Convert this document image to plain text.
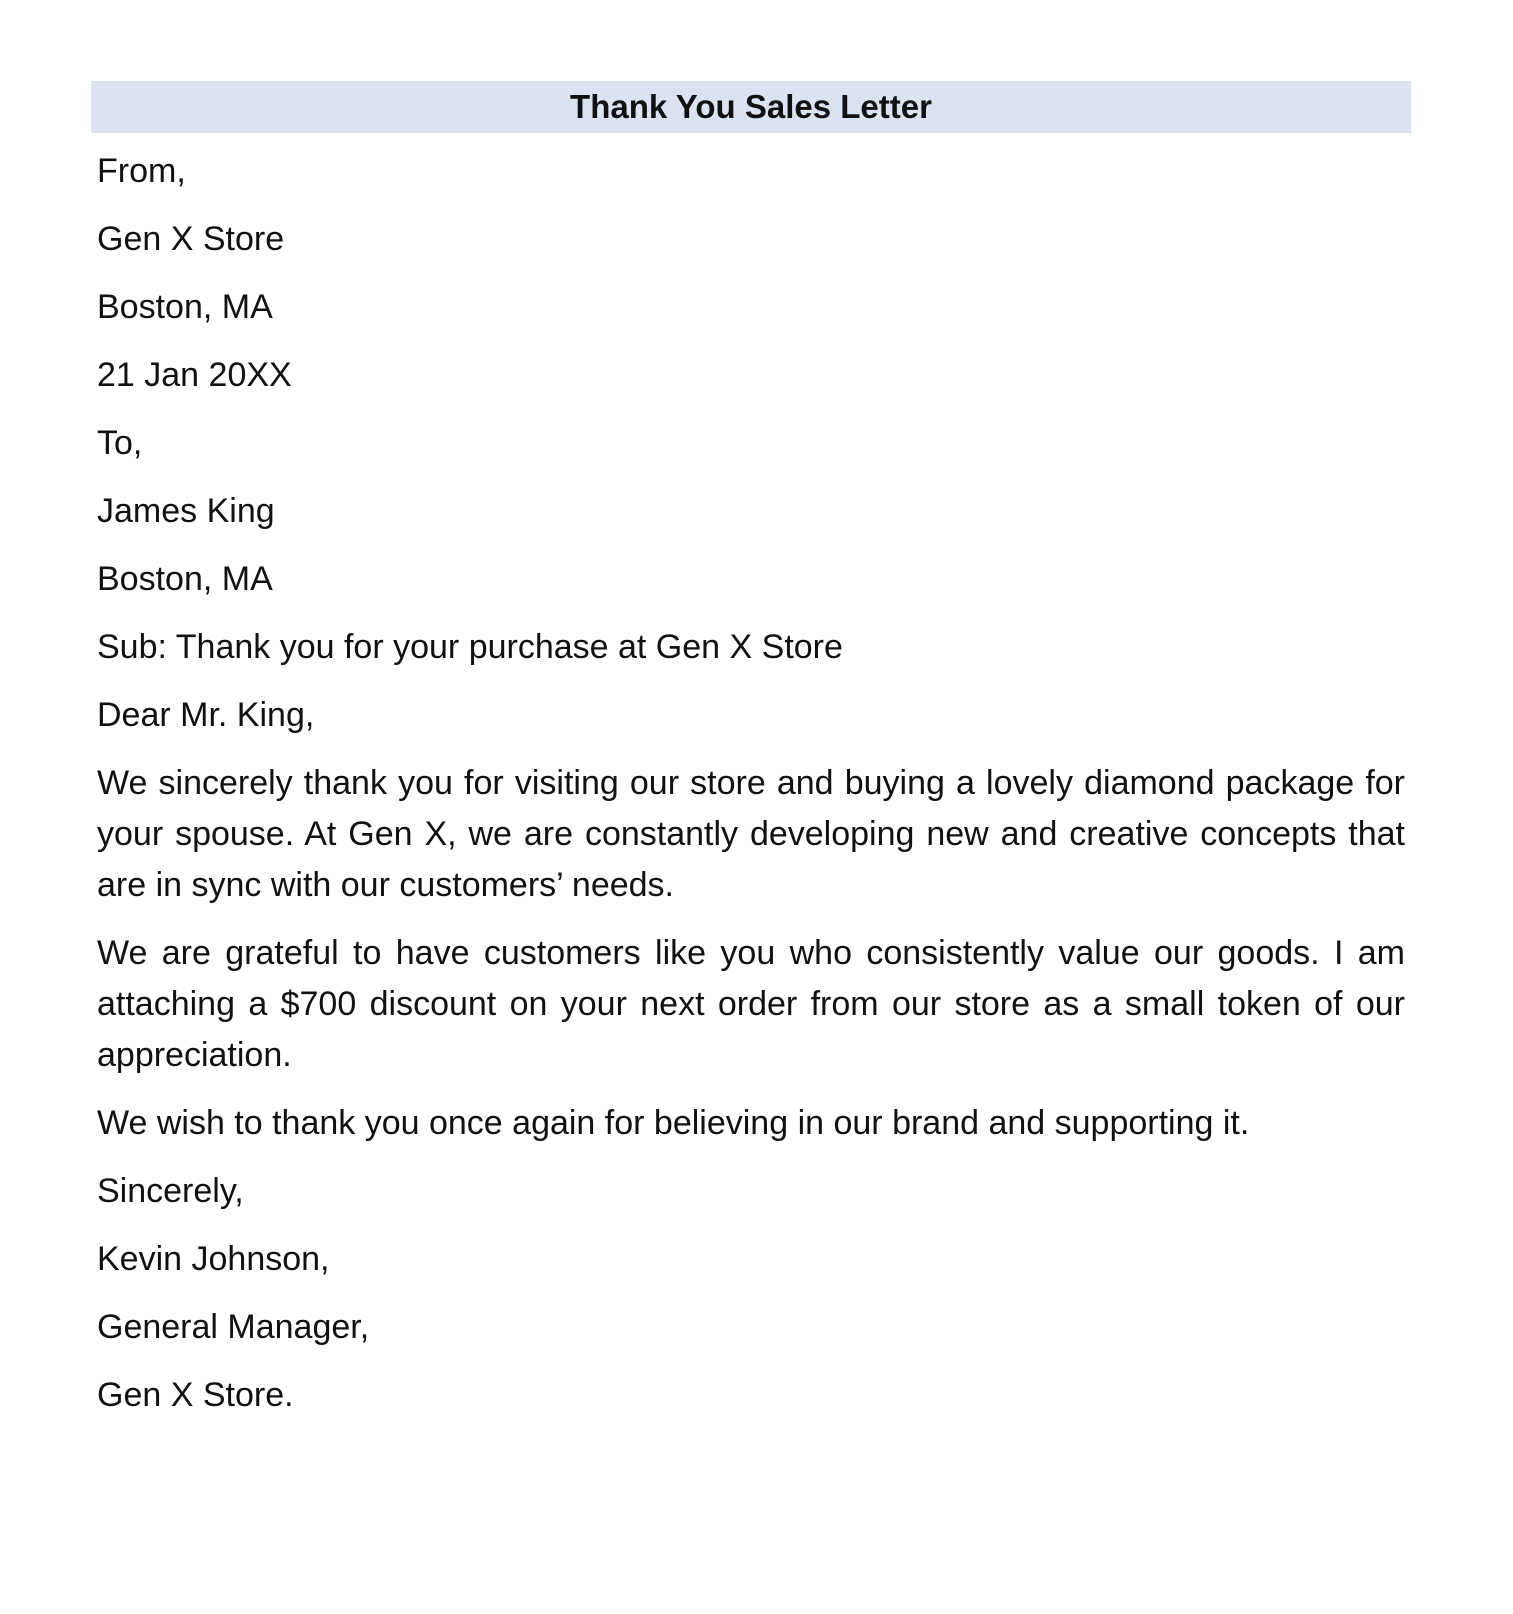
Thank You Sales Letter
From,
Gen X Store
Boston, MA
21 Jan 20XX
To,
James King
Boston, MA
Sub: Thank you for your purchase at Gen X Store
Dear Mr. King,
We sincerely thank you for visiting our store and buying a lovely diamond package for your spouse. At Gen X, we are constantly developing new and creative concepts that are in sync with our customers’ needs.
We are grateful to have customers like you who consistently value our goods. I am attaching a $700 discount on your next order from our store as a small token of our appreciation.
We wish to thank you once again for believing in our brand and supporting it.
Sincerely,
Kevin Johnson,
General Manager,
Gen X Store.
